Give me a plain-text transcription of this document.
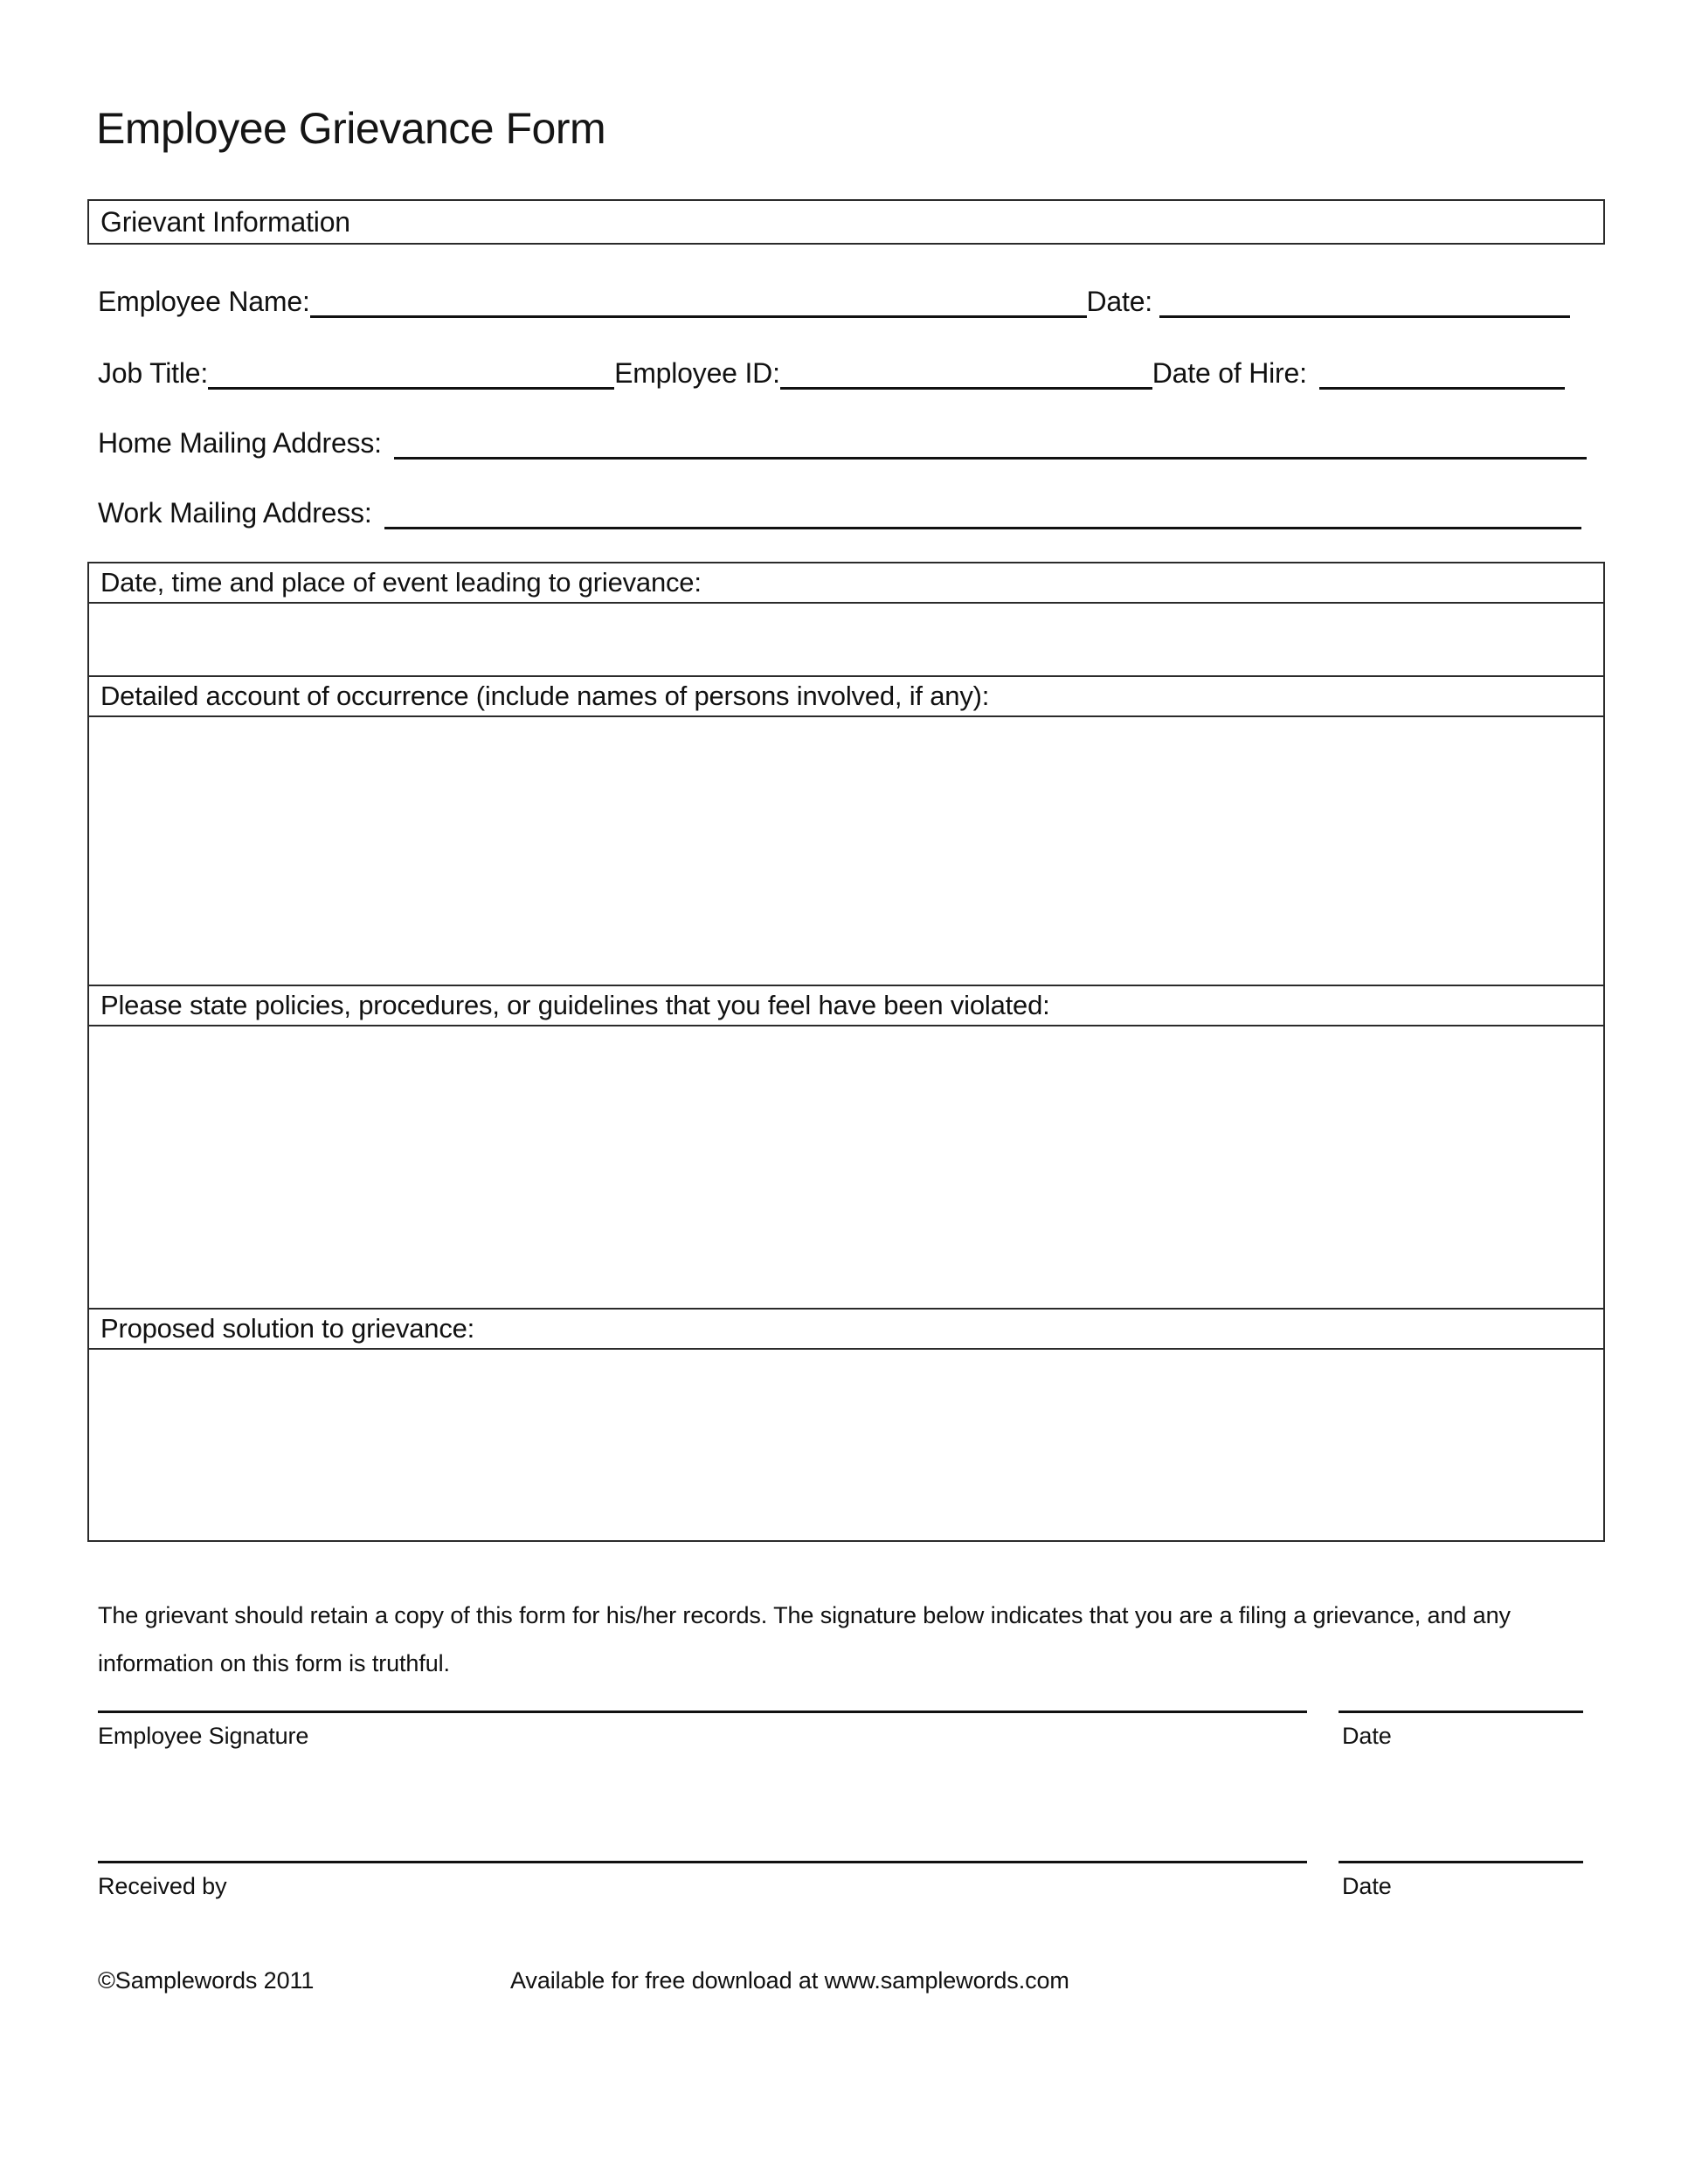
Employee Grievance Form
Grievant Information
Employee Name:	Date:
Job Title:	Employee ID:	Date of Hire:
Home Mailing Address:
Work Mailing Address:
Date, time and place of event leading to grievance:
Detailed account of occurrence (include names of persons involved, if any):
Please state policies, procedures, or guidelines that you feel have been violated:
Proposed solution to grievance:

The grievant should retain a copy of this form for his/her records. The signature below indicates that you are a filing a grievance, and any information on this form is truthful.

Employee Signature	Date
Received by	Date
©Samplewords 2011	Available for free download at www.samplewords.com
